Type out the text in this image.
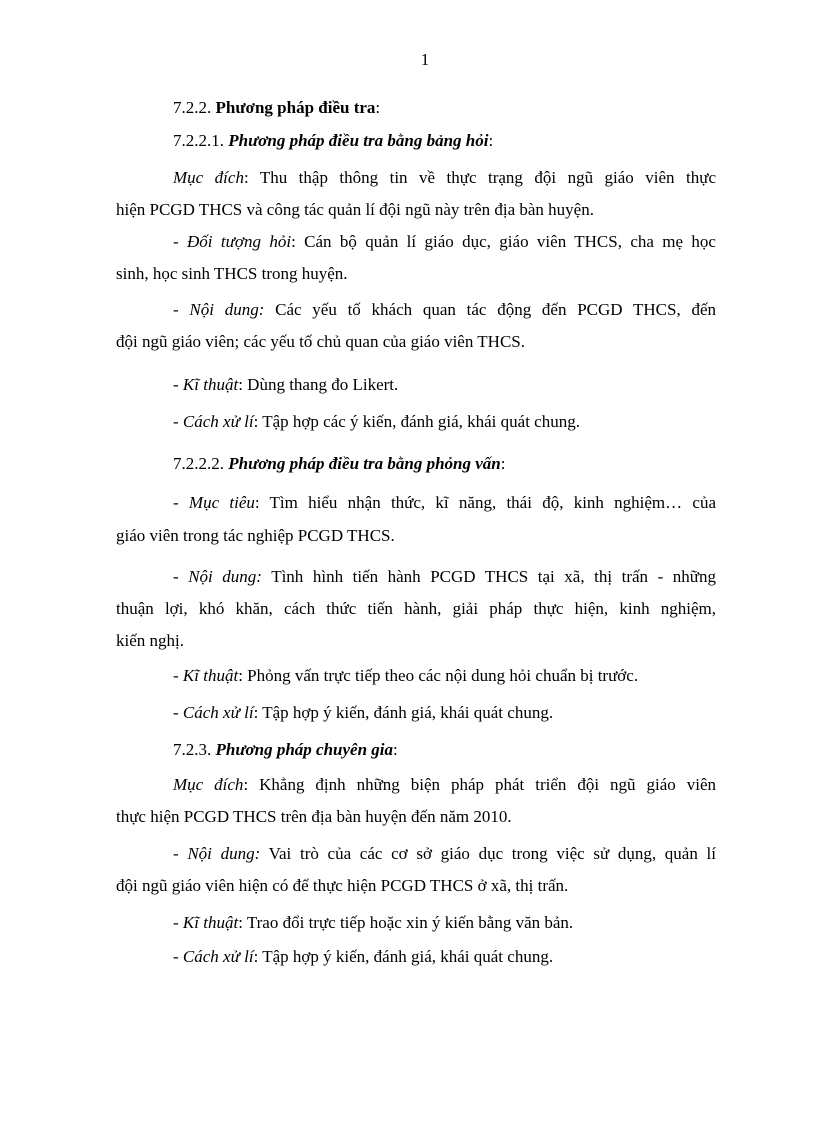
1
7.2.2. Phương pháp điều tra:
7.2.2.1. Phương pháp điều tra bằng bảng hỏi:
Mục đích: Thu thập thông tin về thực trạng đội ngũ giáo viên thực
hiện PCGD THCS và công tác quản lí đội ngũ này trên địa bàn huyện.
- Đối tượng hỏi: Cán bộ quản lí giáo dục, giáo viên THCS, cha mẹ học
sinh, học sinh THCS trong huyện.
- Nội dung: Các yếu tố khách quan tác động đến PCGD THCS, đến
đội ngũ giáo viên; các yếu tố chủ quan của giáo viên THCS.
- Kĩ thuật: Dùng thang đo Likert.
- Cách xử lí: Tập hợp các ý kiến, đánh giá, khái quát chung.
7.2.2.2. Phương pháp điều tra bằng phỏng vấn:
- Mục tiêu: Tìm hiểu nhận thức, kĩ năng, thái độ, kinh nghiệm… của
giáo viên trong tác nghiệp PCGD THCS.
- Nội dung: Tình hình tiến hành PCGD THCS tại xã, thị trấn - những
thuận lợi, khó khăn, cách thức tiến hành, giải pháp thực hiện, kinh nghiệm,
kiến nghị.
- Kĩ thuật: Phỏng vấn trực tiếp theo các nội dung hỏi chuẩn bị trước.
- Cách xử lí: Tập hợp ý kiến, đánh giá, khái quát chung.
7.2.3. Phương pháp chuyên gia:
Mục đích: Khẳng định những biện pháp phát triển đội ngũ giáo viên
thực hiện PCGD THCS trên địa bàn huyện đến năm 2010.
- Nội dung: Vai trò của các cơ sở giáo dục trong việc sử dụng, quản lí
đội ngũ giáo viên hiện có để thực hiện PCGD THCS ở xã, thị trấn.
- Kĩ thuật: Trao đổi trực tiếp hoặc xin ý kiến bằng văn bản.
- Cách xử lí: Tập hợp ý kiến, đánh giá, khái quát chung.
